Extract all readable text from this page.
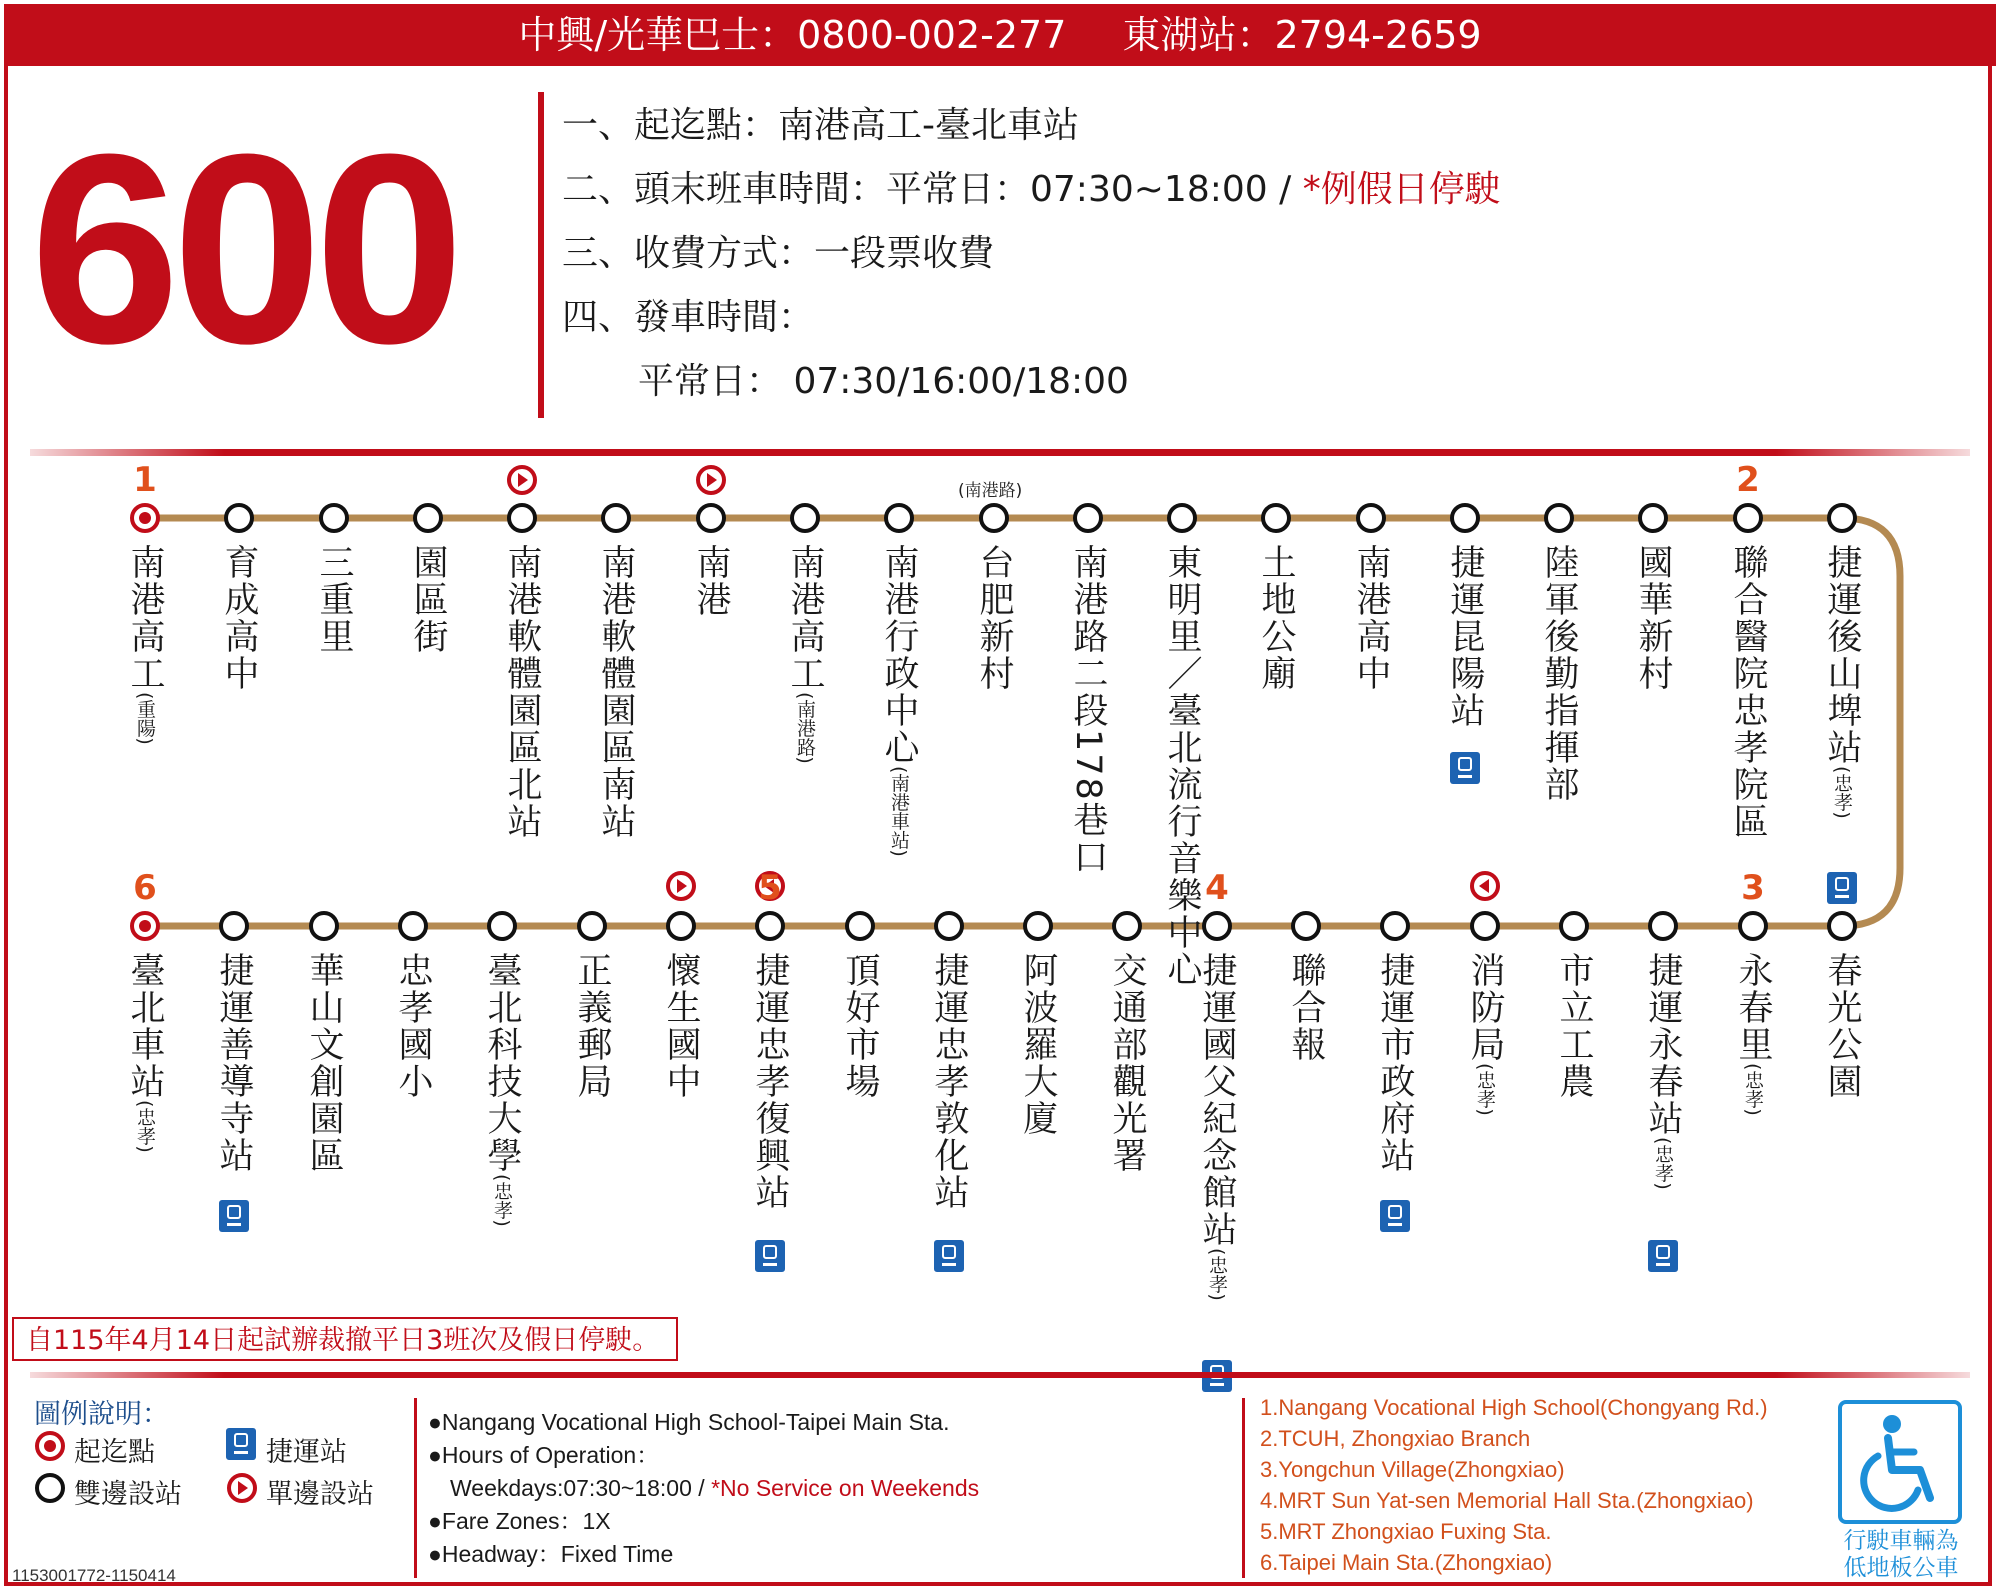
中興/光華巴士：0800-002-277 東湖站：2794-2659
600	一、起迄點：南港高工-臺北車站
二、頭末班車時間：平常日：07:30~18:00 / *例假日停駛
三、收費方式：一段票收費
四、發車時間：
平常日： 07:30/16:00/18:00
南港高工(重陽)
1
育成高中 三重里 園區街 南港軟體園區北站 南港軟體園區南站 南港 南港高工(南港路) 南港行政中心(南港車站)
台肥新村 南港路二段178巷口 東明里／臺北流行音樂中心 土地公廟 南港高中 捷運昆陽站 陸軍後勤指揮部 國華新村 聯合醫院忠孝院區
2
捷運後山埤站(忠孝)
臺北車站(忠孝)
6
捷運善導寺站 華山文創園區 忠孝國小 臺北科技大學(忠孝)
正義郵局 懷生國中 捷運忠孝復興站
5
頂好市場 捷運忠孝敦化站 阿波羅大廈 交通部觀光署 捷運國父紀念館站(忠孝)
4
聯合報 捷運市政府站 消防局(忠孝) 市立工農 捷運永春站(忠孝)
永春里(忠孝)
3
春光公園
(南港路)
自115年4月14日起試辦裁撤平日3班次及假日停駛。
圖例說明：
起迄點
雙邊設站
捷運站
單邊設站
●Nangang Vocational High School-Taipei Main Sta.
●Hours of Operation：
Weekdays:07:30~18:00 / *No Service on Weekends
●Fare Zones：1X
●Headway：Fixed Time
1.Nangang Vocational High School(Chongyang Rd.)
2.TCUH, Zhongxiao Branch
3.Yongchun Village(Zhongxiao)
4.MRT Sun Yat-sen Memorial Hall Sta.(Zhongxiao)
5.MRT Zhongxiao Fuxing Sta.
6.Taipei Main Sta.(Zhongxiao)
行駛車輛為
低地板公車
1153001772-1150414
